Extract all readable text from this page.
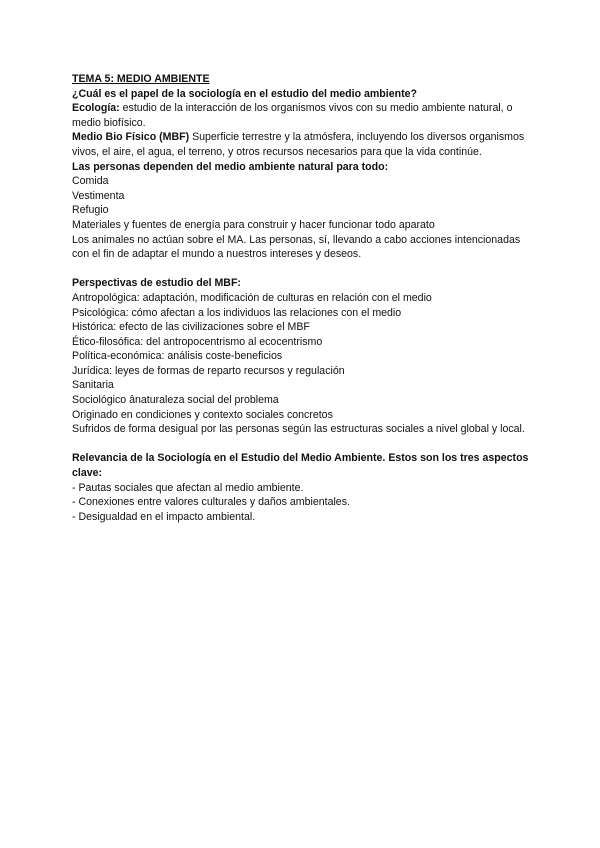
TEMA 5: MEDIO AMBIENTE

¿Cuál es el papel de la sociología en el estudio del medio ambiente?

Ecología: estudio de la interacción de los organismos vivos con su medio ambiente natural, o medio biofísico.

Medio Bio Físico (MBF) Superficie terrestre y la atmósfera, incluyendo los diversos organismos vivos, el aire, el agua, el terreno, y otros recursos necesarios para que la vida continúe.

Las personas dependen del medio ambiente natural para todo:

Comida

Vestimenta

Refugio

Materiales y fuentes de energía para construir y hacer funcionar todo aparato

Los animales no actúan sobre el MA. Las personas, sí, llevando a cabo acciones intencionadas con el fin de adaptar el mundo a nuestros intereses y deseos.

Perspectivas de estudio del MBF:

Antropológica: adaptación, modificación de culturas en relación con el medio

Psicológica: cómo afectan a los individuos las relaciones con el medio

Histórica: efecto de las civilizaciones sobre el MBF

Ético-filosófica: del antropocentrismo al ecocentrismo

Política-económica: análisis coste-beneficios

Jurídica: leyes de formas de reparto recursos y regulación

Sanitaria

Sociológico ânaturaleza social del problema

Originado en condiciones y contexto sociales concretos

Sufridos de forma desigual por las personas según las estructuras sociales a nivel global y local.

Relevancia de la Sociología en el Estudio del Medio Ambiente. Estos son los tres aspectos clave:

- Pautas sociales que afectan al medio ambiente.

- Conexiones entre valores culturales y daños ambientales.

- Desigualdad en el impacto ambiental.
